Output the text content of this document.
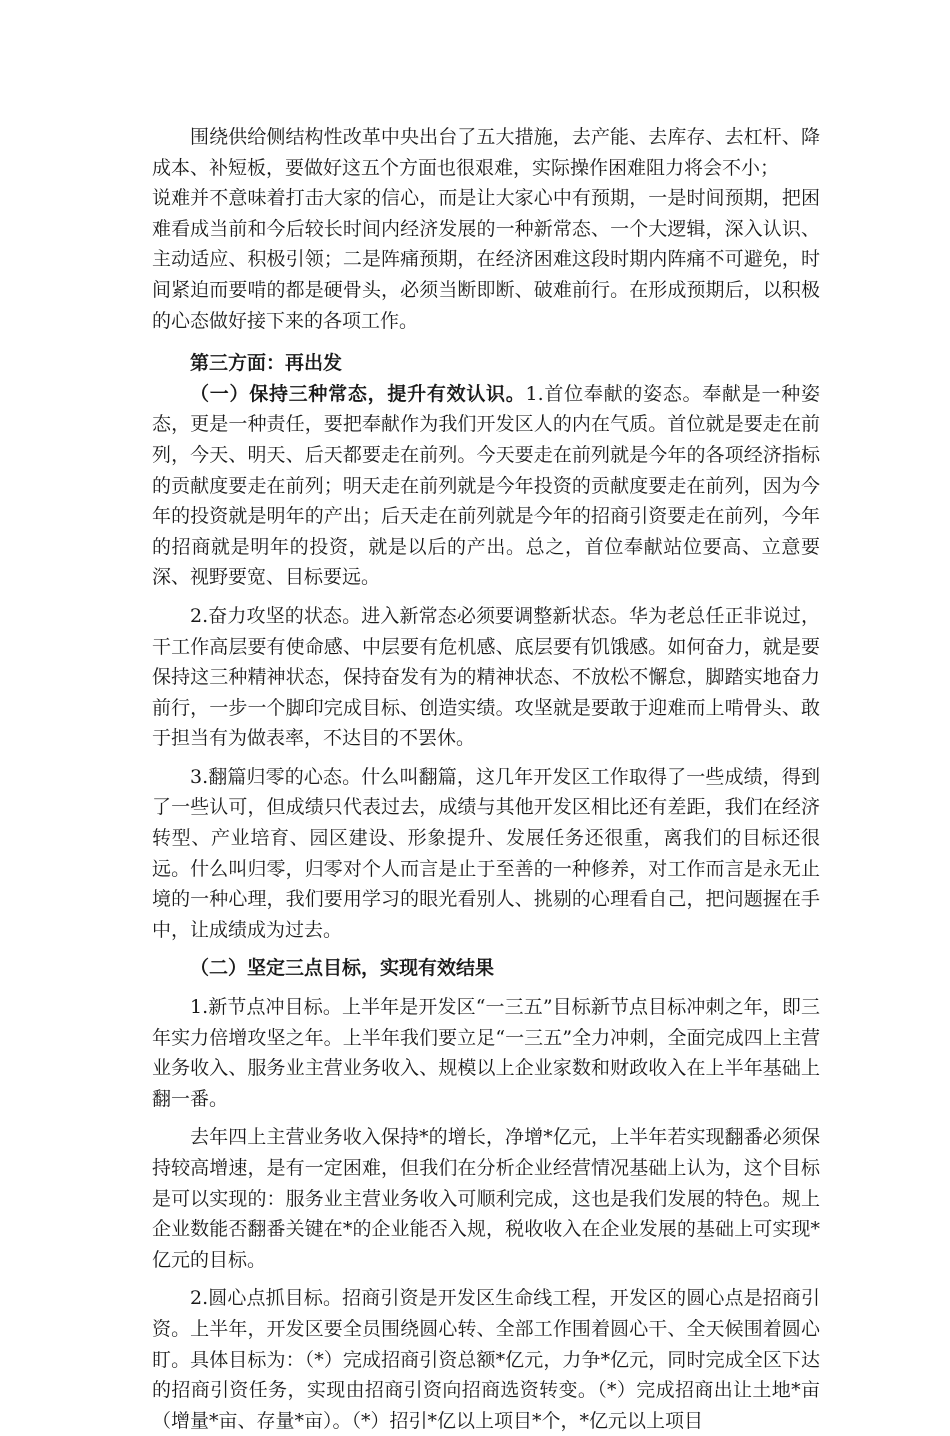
围绕供给侧结构性改革中央出台了五大措施，去产能、去库存、去杠杆、降成本、补短板，要做好这五个方面也很艰难，实际操作困难阻力将会不小；

说难并不意味着打击大家的信心，而是让大家心中有预期，一是时间预期，把困难看成当前和今后较长时间内经济发展的一种新常态、一个大逻辑，深入认识、主动适应、积极引领；二是阵痛预期，在经济困难这段时期内阵痛不可避免，时间紧迫而要啃的都是硬骨头，必须当断即断、破难前行。在形成预期后，以积极的心态做好接下来的各项工作。

第三方面：再出发

（一）保持三种常态，提升有效认识。1.首位奉献的姿态。奉献是一种姿态，更是一种责任，要把奉献作为我们开发区人的内在气质。首位就是要走在前列，今天、明天、后天都要走在前列。今天要走在前列就是今年的各项经济指标的贡献度要走在前列；明天走在前列就是今年投资的贡献度要走在前列，因为今年的投资就是明年的产出；后天走在前列就是今年的招商引资要走在前列，今年的招商就是明年的投资，就是以后的产出。总之，首位奉献站位要高、立意要深、视野要宽、目标要远。

2.奋力攻坚的状态。进入新常态必须要调整新状态。华为老总任正非说过，干工作高层要有使命感、中层要有危机感、底层要有饥饿感。如何奋力，就是要保持这三种精神状态，保持奋发有为的精神状态、不放松不懈怠，脚踏实地奋力前行，一步一个脚印完成目标、创造实绩。攻坚就是要敢于迎难而上啃骨头、敢于担当有为做表率，不达目的不罢休。

3.翻篇归零的心态。什么叫翻篇，这几年开发区工作取得了一些成绩，得到了一些认可，但成绩只代表过去，成绩与其他开发区相比还有差距，我们在经济转型、产业培育、园区建设、形象提升、发展任务还很重，离我们的目标还很远。什么叫归零，归零对个人而言是止于至善的一种修养，对工作而言是永无止境的一种心理，我们要用学习的眼光看别人、挑剔的心理看自己，把问题握在手中，让成绩成为过去。

（二）坚定三点目标，实现有效结果

1.新节点冲目标。上半年是开发区“一三五”目标新节点目标冲刺之年，即三年实力倍增攻坚之年。上半年我们要立足“一三五”全力冲刺，全面完成四上主营业务收入、服务业主营业务收入、规模以上企业家数和财政收入在上半年基础上翻一番。

去年四上主营业务收入保持*的增长，净增*亿元，上半年若实现翻番必须保持较高增速，是有一定困难，但我们在分析企业经营情况基础上认为，这个目标是可以实现的：服务业主营业务收入可顺利完成，这也是我们发展的特色。规上企业数能否翻番关键在*的企业能否入规，税收收入在企业发展的基础上可实现*亿元的目标。

2.圆心点抓目标。招商引资是开发区生命线工程，开发区的圆心点是招商引资。上半年，开发区要全员围绕圆心转、全部工作围着圆心干、全天候围着圆心盯。具体目标为：（*）完成招商引资总额*亿元，力争*亿元，同时完成全区下达的招商引资任务，实现由招商引资向招商选资转变。（*）完成招商出让土地*亩（增量*亩、存量*亩）。（*）招引*亿以上项目*个，*亿元以上项目
